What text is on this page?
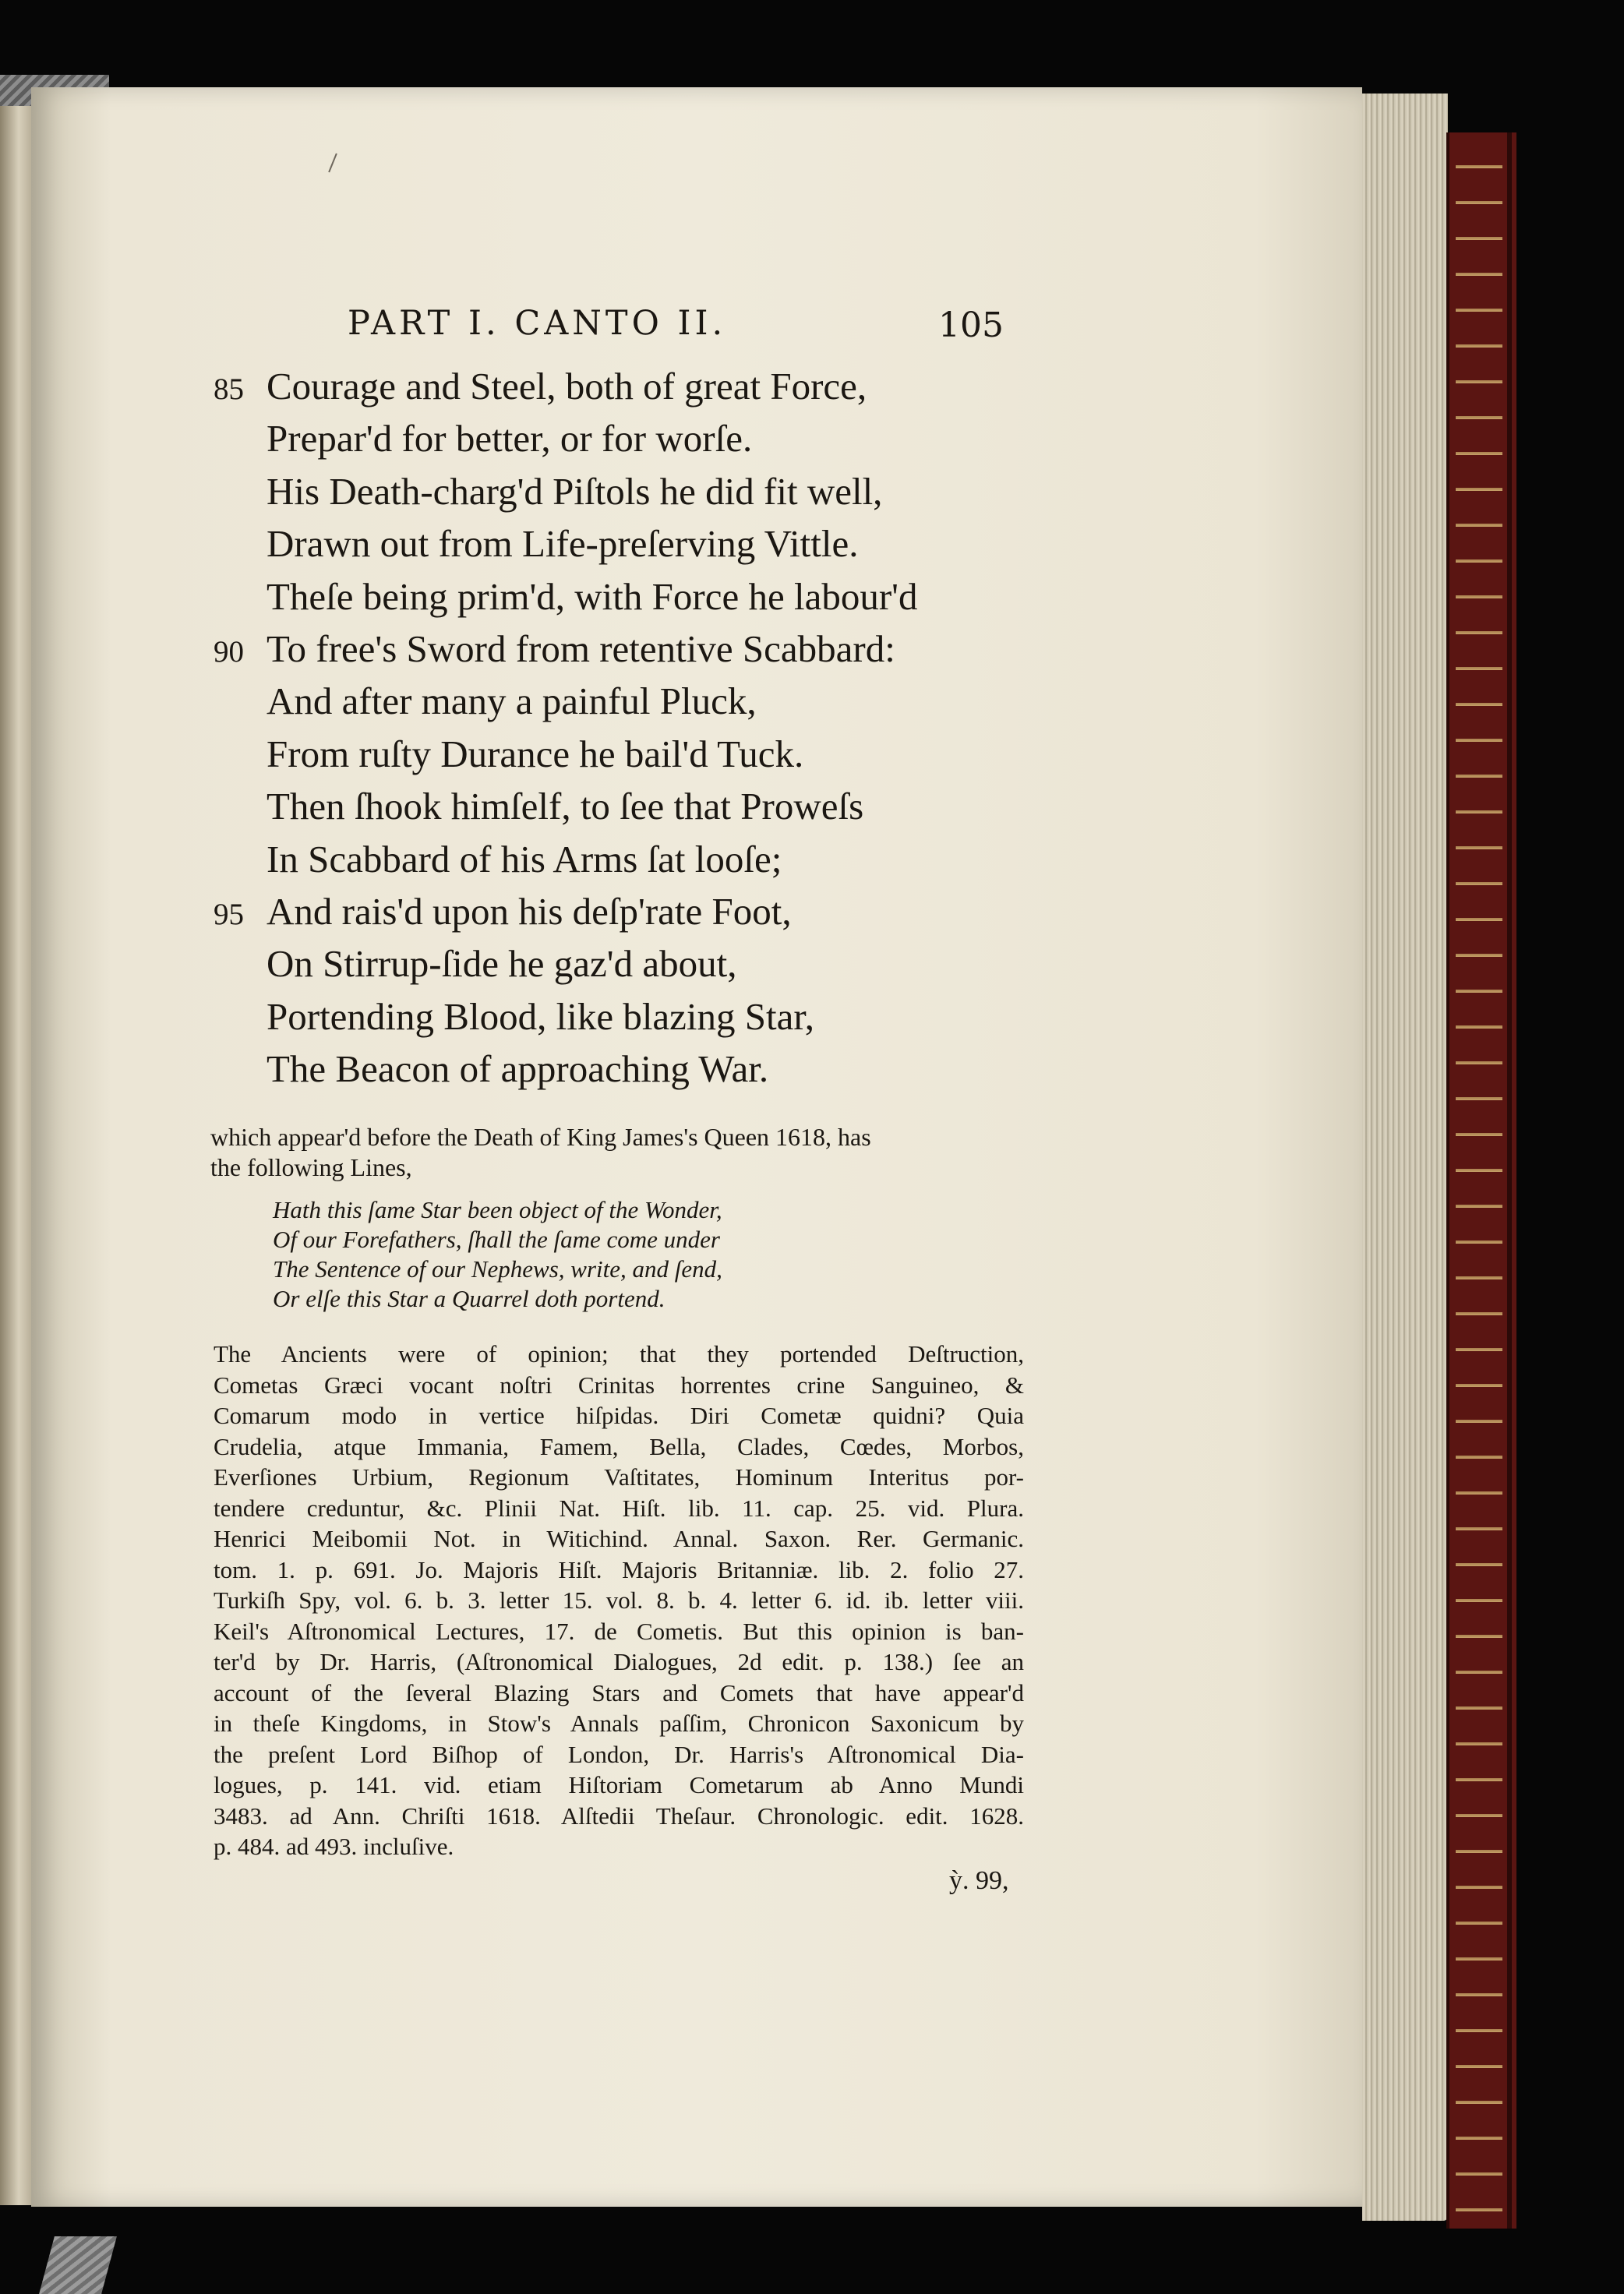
PART I. CANTO II.	105
85 Courage and Steel, both of great Force,
Prepar'd for better, or for worſe.
His Death-charg'd Piſtols he did fit well,
Drawn out from Life-preſerving Vittle.
Theſe being prim'd, with Force he labour'd
90 To free's Sword from retentive Scabbard:
And after many a painful Pluck,
From ruſty Durance he bail'd Tuck.
Then ſhook himſelf, to ſee that Proweſs
In Scabbard of his Arms ſat looſe;
95 And rais'd upon his deſp'rate Foot,
On Stirrup-ſide he gaz'd about,
Portending Blood, like blazing Star,
The Beacon of approaching War.
which appear'd before the Death of King James's Queen 1618, has
the following Lines,
Hath this ſame Star been object of the Wonder,
Of our Forefathers, ſhall the ſame come under
The Sentence of our Nephews, write, and ſend,
Or elſe this Star a Quarrel doth portend.
The Ancients were of opinion; that they portended Deſtruction,
Cometas Græci vocant noſtri Crinitas horrentes crine Sanguineo, &
Comarum modo in vertice hiſpidas. Diri Cometæ quidni? Quia
Crudelia, atque Immania, Famem, Bella, Clades, Cœdes, Morbos,
Everſiones Urbium, Regionum Vaſtitates, Hominum Interitus por-
tendere creduntur, &c. Plinii Nat. Hiſt. lib. 11. cap. 25. vid. Plura.
Henrici Meibomii Not. in Witichind. Annal. Saxon. Rer. Germanic.
tom. 1. p. 691. Jo. Majoris Hiſt. Majoris Britanniæ. lib. 2. folio 27.
Turkiſh Spy, vol. 6. b. 3. letter 15. vol. 8. b. 4. letter 6. id. ib. letter viii.
Keil's Aſtronomical Lectures, 17. de Cometis. But this opinion is ban-
ter'd by Dr. Harris, (Aſtronomical Dialogues, 2d edit. p. 138.) ſee an
account of the ſeveral Blazing Stars and Comets that have appear'd
in theſe Kingdoms, in Stow's Annals paſſim, Chronicon Saxonicum by
the preſent Lord Biſhop of London, Dr. Harris's Aſtronomical Dia-
logues, p. 141. vid. etiam Hiſtoriam Cometarum ab Anno Mundi
3483. ad Ann. Chriſti 1618. Alſtedii Theſaur. Chronologic. edit. 1628.
p. 484. ad 493. incluſive.
ỳ. 99,
